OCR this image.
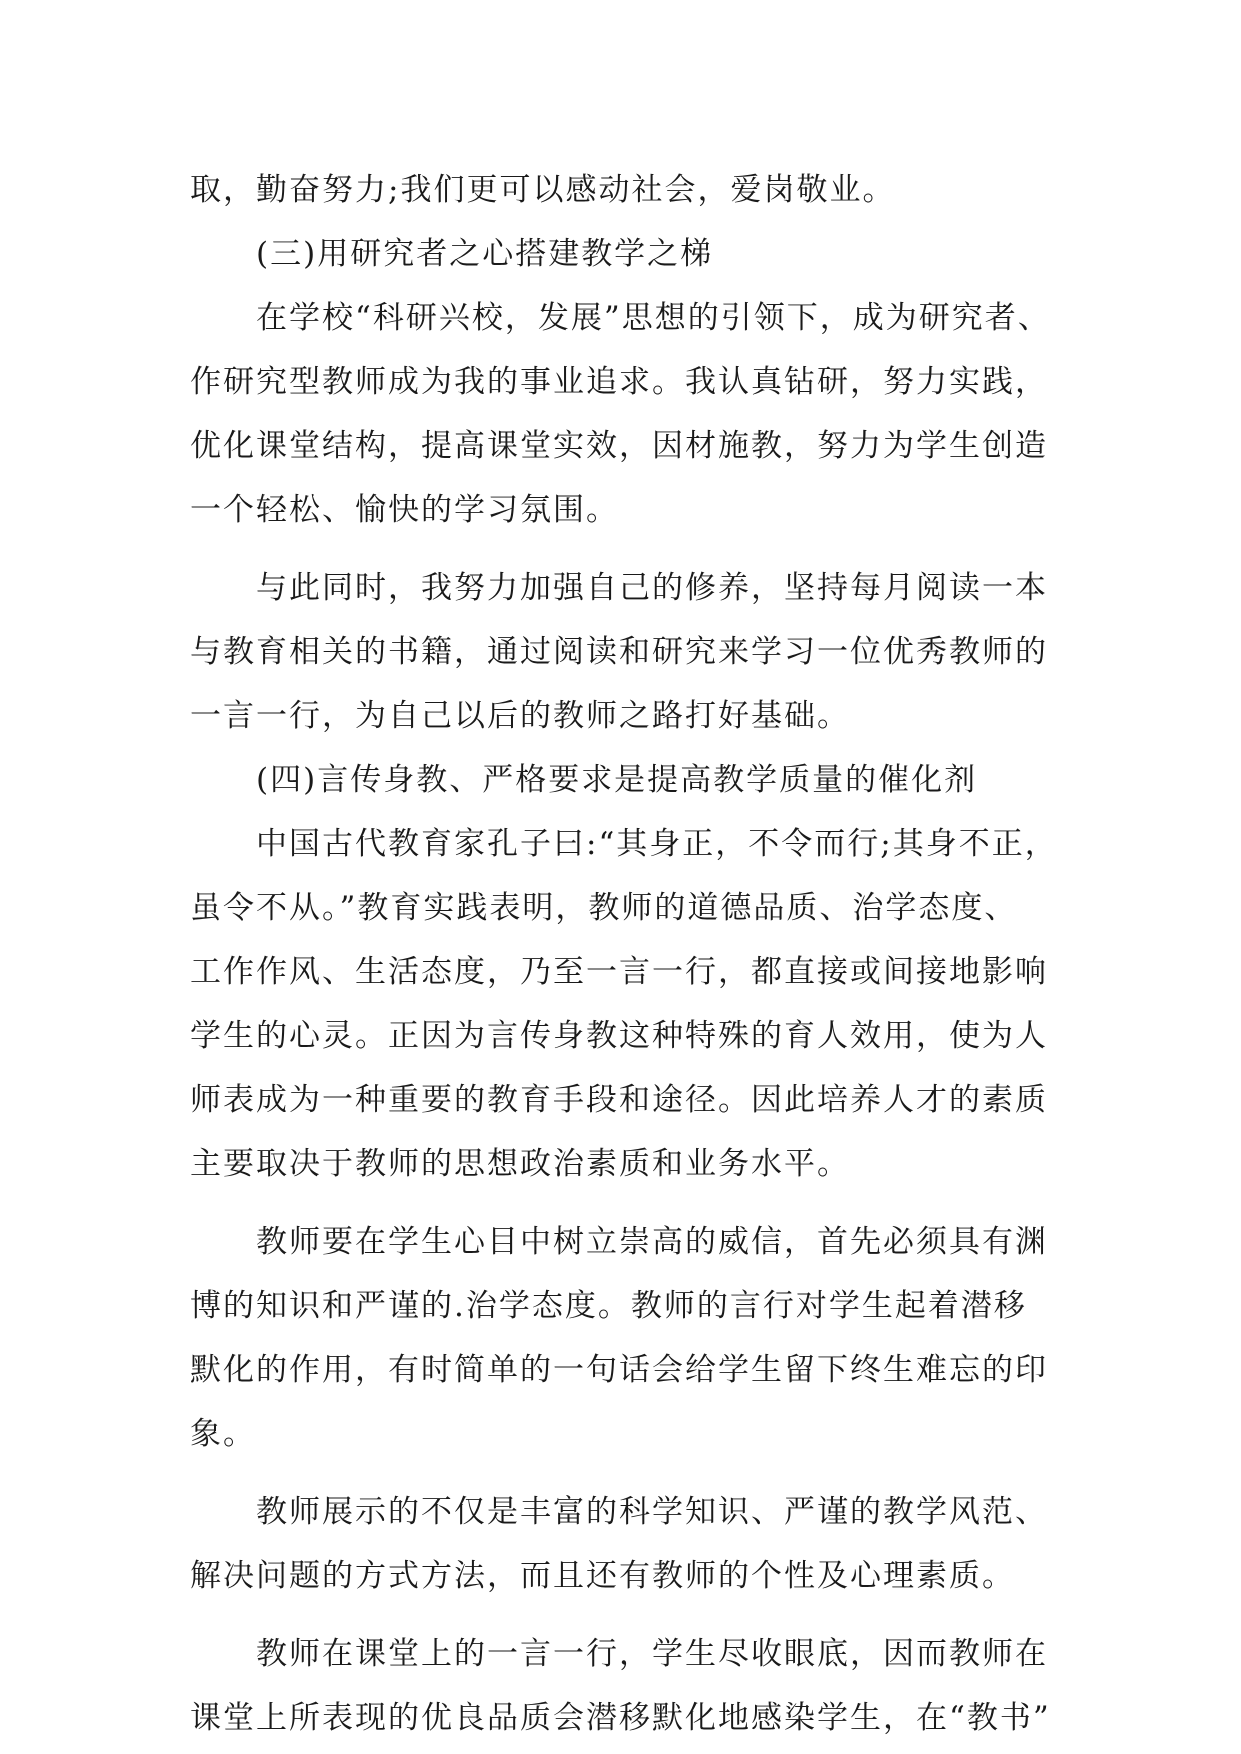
取，勤奋努力;我们更可以感动社会，爱岗敬业。
(三)用研究者之心搭建教学之梯
在学校“科研兴校，发展”思想的引领下，成为研究者、
作研究型教师成为我的事业追求。我认真钻研，努力实践，
优化课堂结构，提高课堂实效，因材施教，努力为学生创造
一个轻松、愉快的学习氛围。
与此同时，我努力加强自己的修养，坚持每月阅读一本
与教育相关的书籍，通过阅读和研究来学习一位优秀教师的
一言一行，为自己以后的教师之路打好基础。
(四)言传身教、严格要求是提高教学质量的催化剂
中国古代教育家孔子曰:“其身正，不令而行;其身不正，
虽令不从。”教育实践表明，教师的道德品质、治学态度、
工作作风、生活态度，乃至一言一行，都直接或间接地影响
学生的心灵。正因为言传身教这种特殊的育人效用，使为人
师表成为一种重要的教育手段和途径。因此培养人才的素质
主要取决于教师的思想政治素质和业务水平。
教师要在学生心目中树立崇高的威信，首先必须具有渊
博的知识和严谨的.治学态度。教师的言行对学生起着潜移
默化的作用，有时简单的一句话会给学生留下终生难忘的印
象。
教师展示的不仅是丰富的科学知识、严谨的教学风范、
解决问题的方式方法，而且还有教师的个性及心理素质。
教师在课堂上的一言一行，学生尽收眼底，因而教师在
课堂上所表现的优良品质会潜移默化地感染学生，在“教书”
